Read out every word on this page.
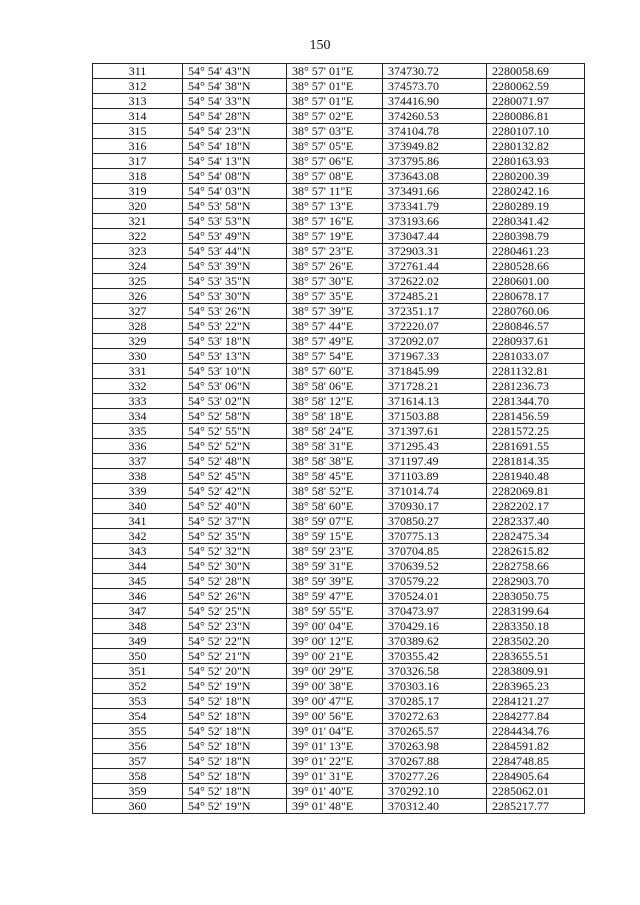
150
311	54° 54' 43"N	38° 57' 01"E	374730.72	2280058.69
312	54° 54' 38"N	38° 57' 01"E	374573.70	2280062.59
313	54° 54' 33"N	38° 57' 01"E	374416.90	2280071.97
314	54° 54' 28"N	38° 57' 02"E	374260.53	2280086.81
315	54° 54' 23"N	38° 57' 03"E	374104.78	2280107.10
316	54° 54' 18"N	38° 57' 05"E	373949.82	2280132.82
317	54° 54' 13"N	38° 57' 06"E	373795.86	2280163.93
318	54° 54' 08"N	38° 57' 08"E	373643.08	2280200.39
319	54° 54' 03"N	38° 57' 11"E	373491.66	2280242.16
320	54° 53' 58"N	38° 57' 13"E	373341.79	2280289.19
321	54° 53' 53"N	38° 57' 16"E	373193.66	2280341.42
322	54° 53' 49"N	38° 57' 19"E	373047.44	2280398.79
323	54° 53' 44"N	38° 57' 23"E	372903.31	2280461.23
324	54° 53' 39"N	38° 57' 26"E	372761.44	2280528.66
325	54° 53' 35"N	38° 57' 30"E	372622.02	2280601.00
326	54° 53' 30"N	38° 57' 35"E	372485.21	2280678.17
327	54° 53' 26"N	38° 57' 39"E	372351.17	2280760.06
328	54° 53' 22"N	38° 57' 44"E	372220.07	2280846.57
329	54° 53' 18"N	38° 57' 49"E	372092.07	2280937.61
330	54° 53' 13"N	38° 57' 54"E	371967.33	2281033.07
331	54° 53' 10"N	38° 57' 60"E	371845.99	2281132.81
332	54° 53' 06"N	38° 58' 06"E	371728.21	2281236.73
333	54° 53' 02"N	38° 58' 12"E	371614.13	2281344.70
334	54° 52' 58"N	38° 58' 18"E	371503.88	2281456.59
335	54° 52' 55"N	38° 58' 24"E	371397.61	2281572.25
336	54° 52' 52"N	38° 58' 31"E	371295.43	2281691.55
337	54° 52' 48"N	38° 58' 38"E	371197.49	2281814.35
338	54° 52' 45"N	38° 58' 45"E	371103.89	2281940.48
339	54° 52' 42"N	38° 58' 52"E	371014.74	2282069.81
340	54° 52' 40"N	38° 58' 60"E	370930.17	2282202.17
341	54° 52' 37"N	38° 59' 07"E	370850.27	2282337.40
342	54° 52' 35"N	38° 59' 15"E	370775.13	2282475.34
343	54° 52' 32"N	38° 59' 23"E	370704.85	2282615.82
344	54° 52' 30"N	38° 59' 31"E	370639.52	2282758.66
345	54° 52' 28"N	38° 59' 39"E	370579.22	2282903.70
346	54° 52' 26"N	38° 59' 47"E	370524.01	2283050.75
347	54° 52' 25"N	38° 59' 55"E	370473.97	2283199.64
348	54° 52' 23"N	39° 00' 04"E	370429.16	2283350.18
349	54° 52' 22"N	39° 00' 12"E	370389.62	2283502.20
350	54° 52' 21"N	39° 00' 21"E	370355.42	2283655.51
351	54° 52' 20"N	39° 00' 29"E	370326.58	2283809.91
352	54° 52' 19"N	39° 00' 38"E	370303.16	2283965.23
353	54° 52' 18"N	39° 00' 47"E	370285.17	2284121.27
354	54° 52' 18"N	39° 00' 56"E	370272.63	2284277.84
355	54° 52' 18"N	39° 01' 04"E	370265.57	2284434.76
356	54° 52' 18"N	39° 01' 13"E	370263.98	2284591.82
357	54° 52' 18"N	39° 01' 22"E	370267.88	2284748.85
358	54° 52' 18"N	39° 01' 31"E	370277.26	2284905.64
359	54° 52' 18"N	39° 01' 40"E	370292.10	2285062.01
360	54° 52' 19"N	39° 01' 48"E	370312.40	2285217.77
